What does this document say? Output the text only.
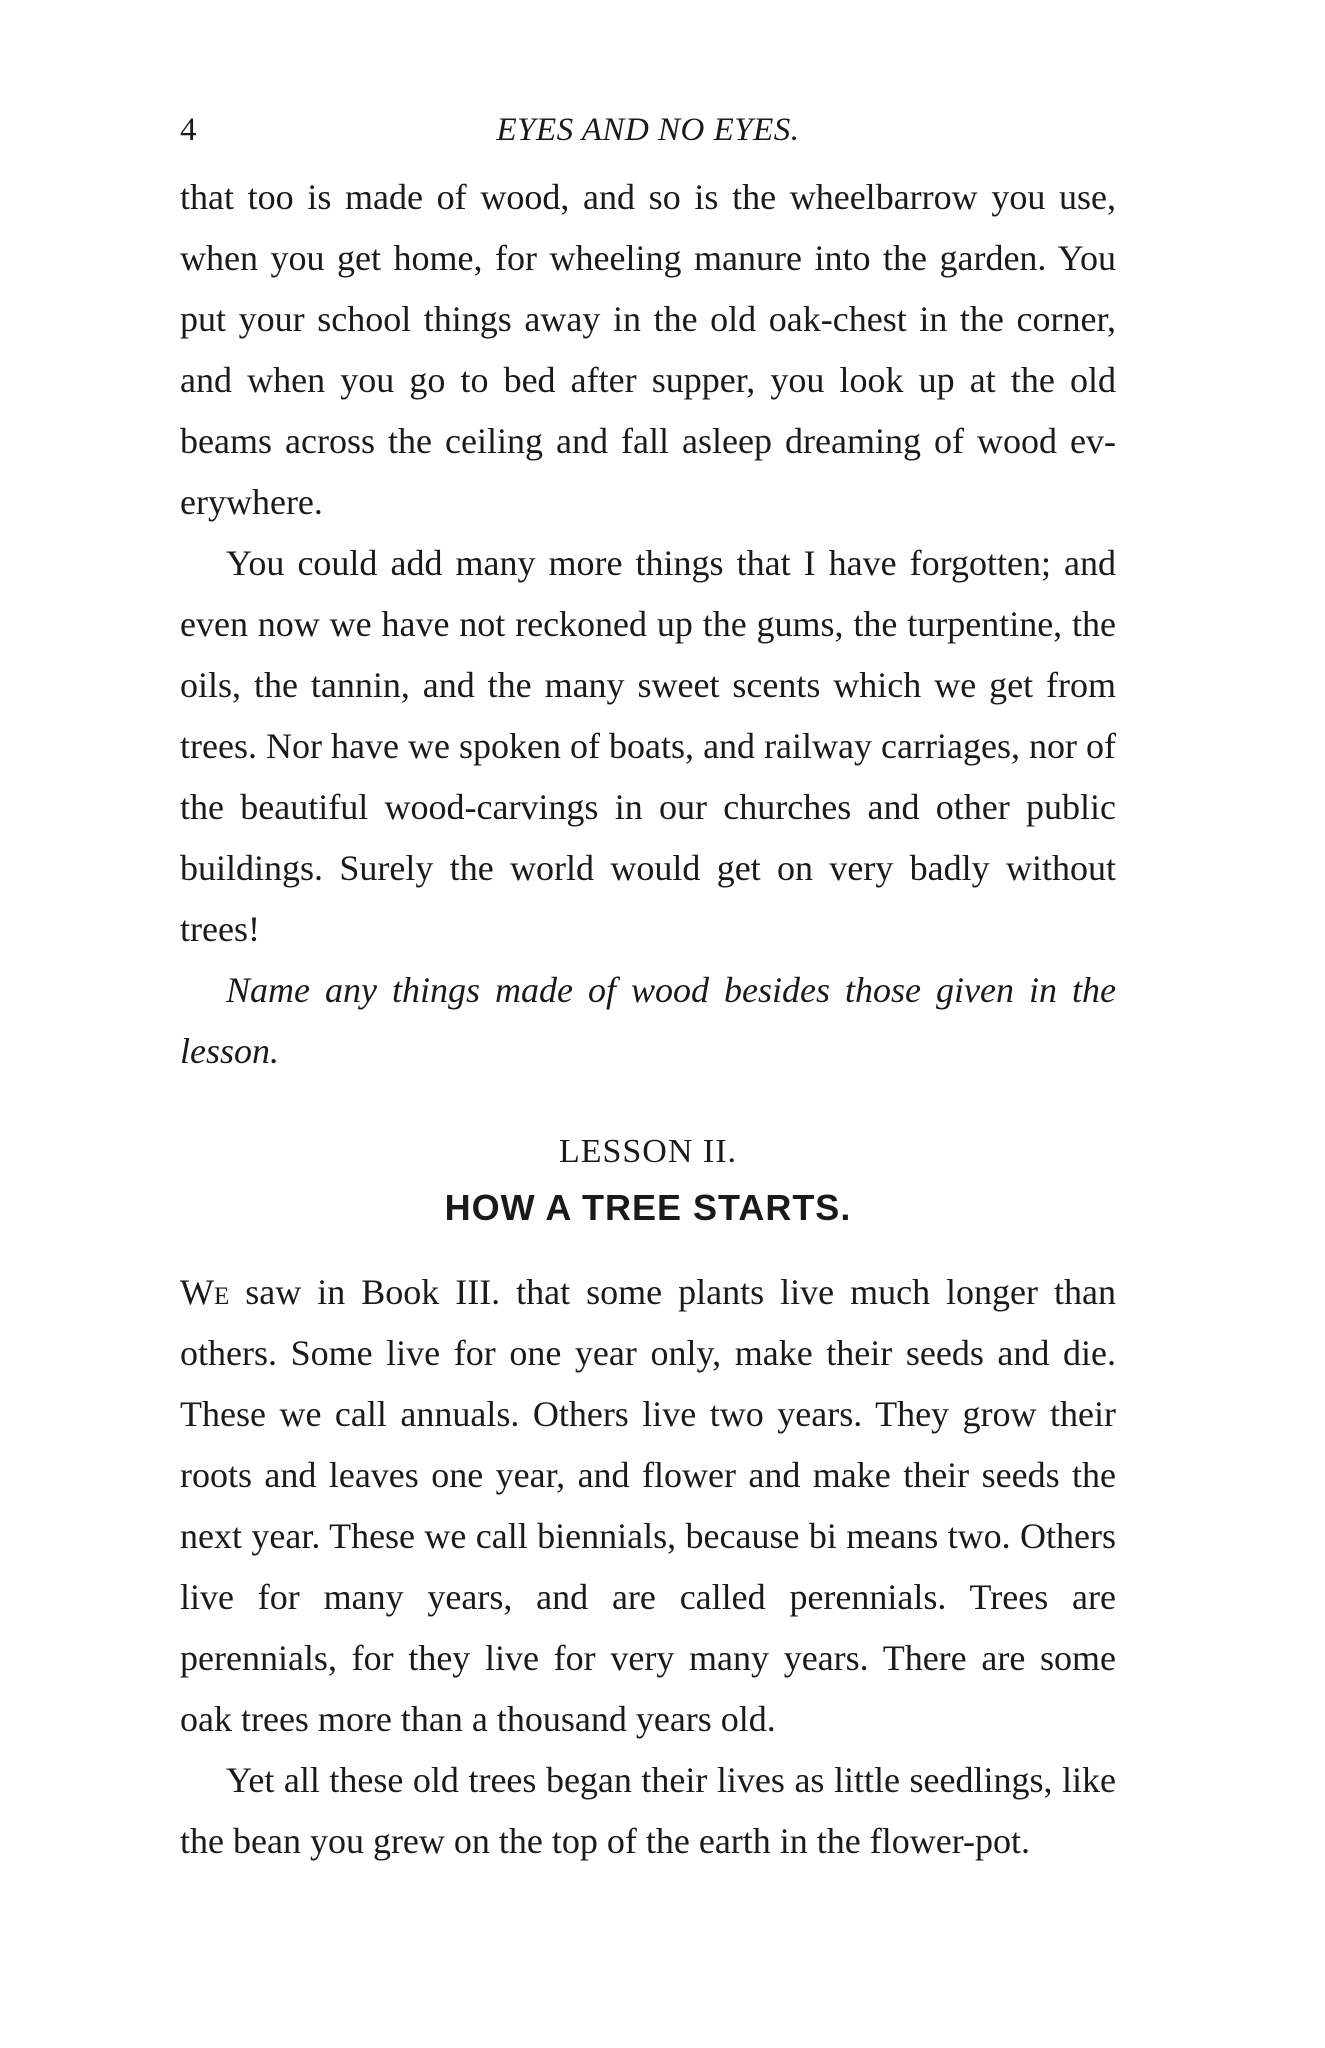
4	EYES AND NO EYES.

that too is made of wood, and so is the wheelbarrow you use, when you get home, for wheeling manure into the garden. You put your school things away in the old oak-chest in the corner, and when you go to bed after supper, you look up at the old beams across the ceiling and fall asleep dreaming of wood everywhere.

You could add many more things that I have forgotten; and even now we have not reckoned up the gums, the turpentine, the oils, the tannin, and the many sweet scents which we get from trees. Nor have we spoken of boats, and railway carriages, nor of the beautiful wood-carvings in our churches and other public buildings. Surely the world would get on very badly without trees!

Name any things made of wood besides those given in the lesson.

LESSON II.
HOW A TREE STARTS.

We saw in Book III. that some plants live much longer than others. Some live for one year only, make their seeds and die. These we call annuals. Others live two years. They grow their roots and leaves one year, and flower and make their seeds the next year. These we call biennials, because bi means two. Others live for many years, and are called perennials. Trees are perennials, for they live for very many years. There are some oak trees more than a thousand years old.

Yet all these old trees began their lives as little seedlings, like the bean you grew on the top of the earth in the flower-pot.
